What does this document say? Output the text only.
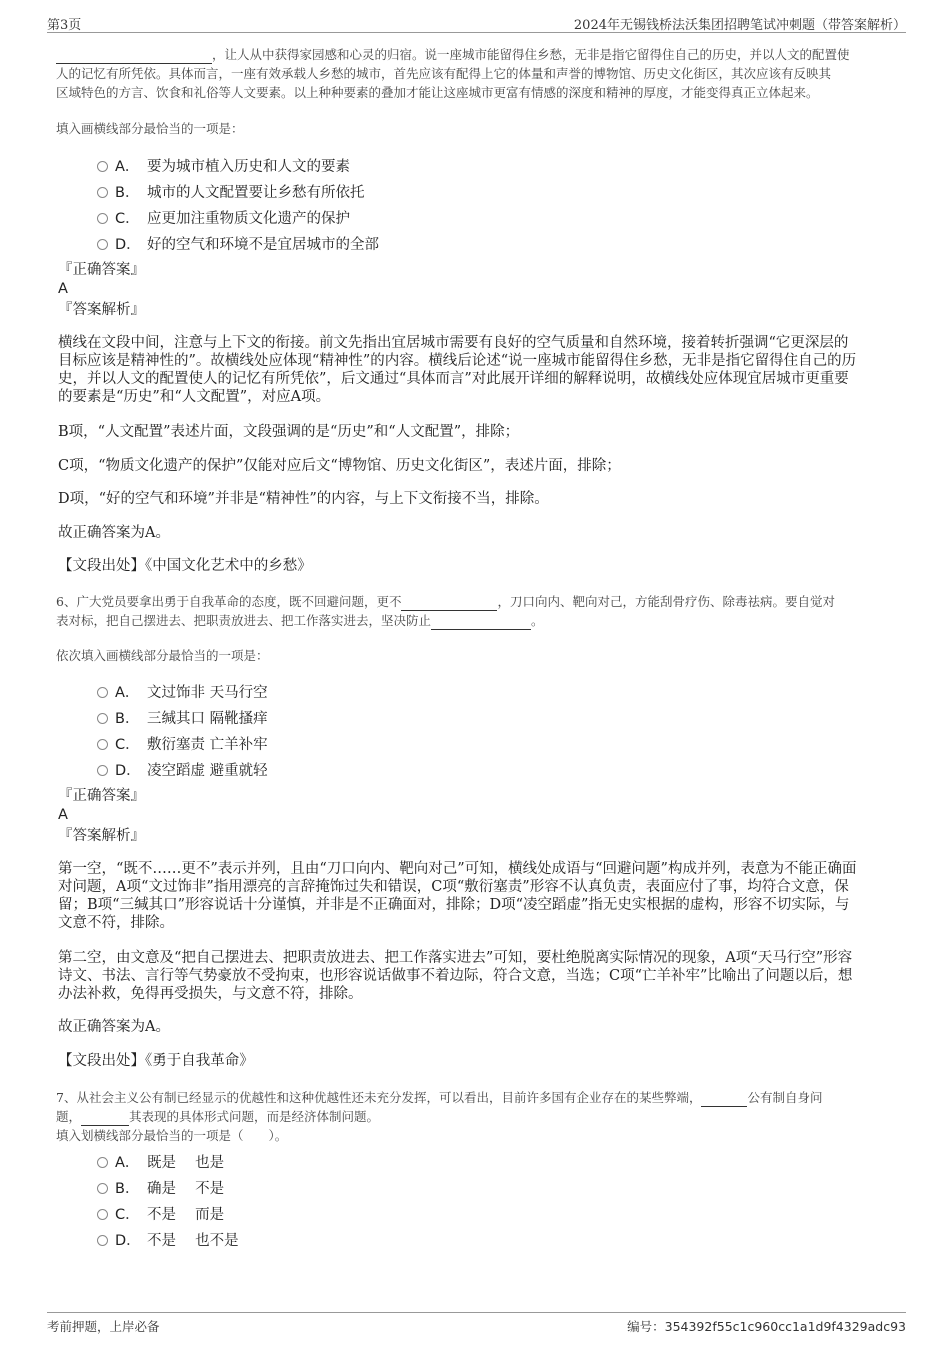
第3页	2024年无锡钱桥法沃集团招聘笔试冲刺题（带答案解析）
，让人从中获得家园感和心灵的归宿。说一座城市能留得住乡愁，无非是指它留得住自己的历史，并以人文的配置使
人的记忆有所凭依。具体而言，一座有效承载人乡愁的城市，首先应该有配得上它的体量和声誉的博物馆、历史文化街区，其次应该有反映其
区域特色的方言、饮食和礼俗等人文要素。以上种种要素的叠加才能让这座城市更富有情感的深度和精神的厚度，才能变得真正立体起来。
填入画横线部分最恰当的一项是：
A． 要为城市植入历史和人文的要素
B． 城市的人文配置要让乡愁有所依托
C． 应更加注重物质文化遗产的保护
D． 好的空气和环境不是宜居城市的全部
『正确答案』
A
『答案解析』
横线在文段中间，注意与上下文的衔接。前文先指出宜居城市需要有良好的空气质量和自然环境，接着转折强调“它更深层的
目标应该是精神性的”。故横线处应体现“精神性”的内容。横线后论述“说一座城市能留得住乡愁，无非是指它留得住自己的历
史，并以人文的配置使人的记忆有所凭依”，后文通过“具体而言”对此展开详细的解释说明，故横线处应体现宜居城市更重要
的要素是“历史”和“人文配置”，对应A项。
B项，“人文配置”表述片面，文段强调的是“历史”和“人文配置”，排除；
C项，“物质文化遗产的保护”仅能对应后文“博物馆、历史文化街区”，表述片面，排除；
D项，“好的空气和环境”并非是“精神性”的内容，与上下文衔接不当，排除。
故正确答案为A。
【文段出处】《中国文化艺术中的乡愁》
6、广大党员要拿出勇于自我革命的态度，既不回避问题，更不	，刀口向内、靶向对己，方能刮骨疗伤、除毒祛病。要自觉对
表对标，把自己摆进去、把职责放进去、把工作落实进去，坚决防止	。
依次填入画横线部分最恰当的一项是：
A． 文过饰非 天马行空
B． 三缄其口 隔靴搔痒
C． 敷衍塞责 亡羊补牢
D． 凌空蹈虚 避重就轻
『正确答案』
A
『答案解析』
第一空，“既不……更不”表示并列，且由“刀口向内、靶向对己”可知，横线处成语与“回避问题”构成并列，表意为不能正确面
对问题，A项“文过饰非”指用漂亮的言辞掩饰过失和错误，C项“敷衍塞责”形容不认真负责，表面应付了事，均符合文意，保
留；B项“三缄其口”形容说话十分谨慎，并非是不正确面对，排除；D项“凌空蹈虚”指无史实根据的虚构，形容不切实际，与
文意不符，排除。
第二空，由文意及“把自己摆进去、把职责放进去、把工作落实进去”可知，要杜绝脱离实际情况的现象，A项“天马行空”形容
诗文、书法、言行等气势豪放不受拘束，也形容说话做事不着边际，符合文意，当选；C项“亡羊补牢”比喻出了问题以后，想
办法补救，免得再受损失，与文意不符，排除。
故正确答案为A。
【文段出处】《勇于自我革命》
7、从社会主义公有制已经显示的优越性和这种优越性还未充分发挥，可以看出，目前许多国有企业存在的某些弊端，	公有制自身问
题，	其表现的具体形式问题，而是经济体制问题。
填入划横线部分最恰当的一项是（　　）。
A． 既是　 也是
B． 确是　 不是
C． 不是　 而是
D． 不是　 也不是
考前押题，上岸必备	编号：354392f55c1c960cc1a1d9f4329adc93
